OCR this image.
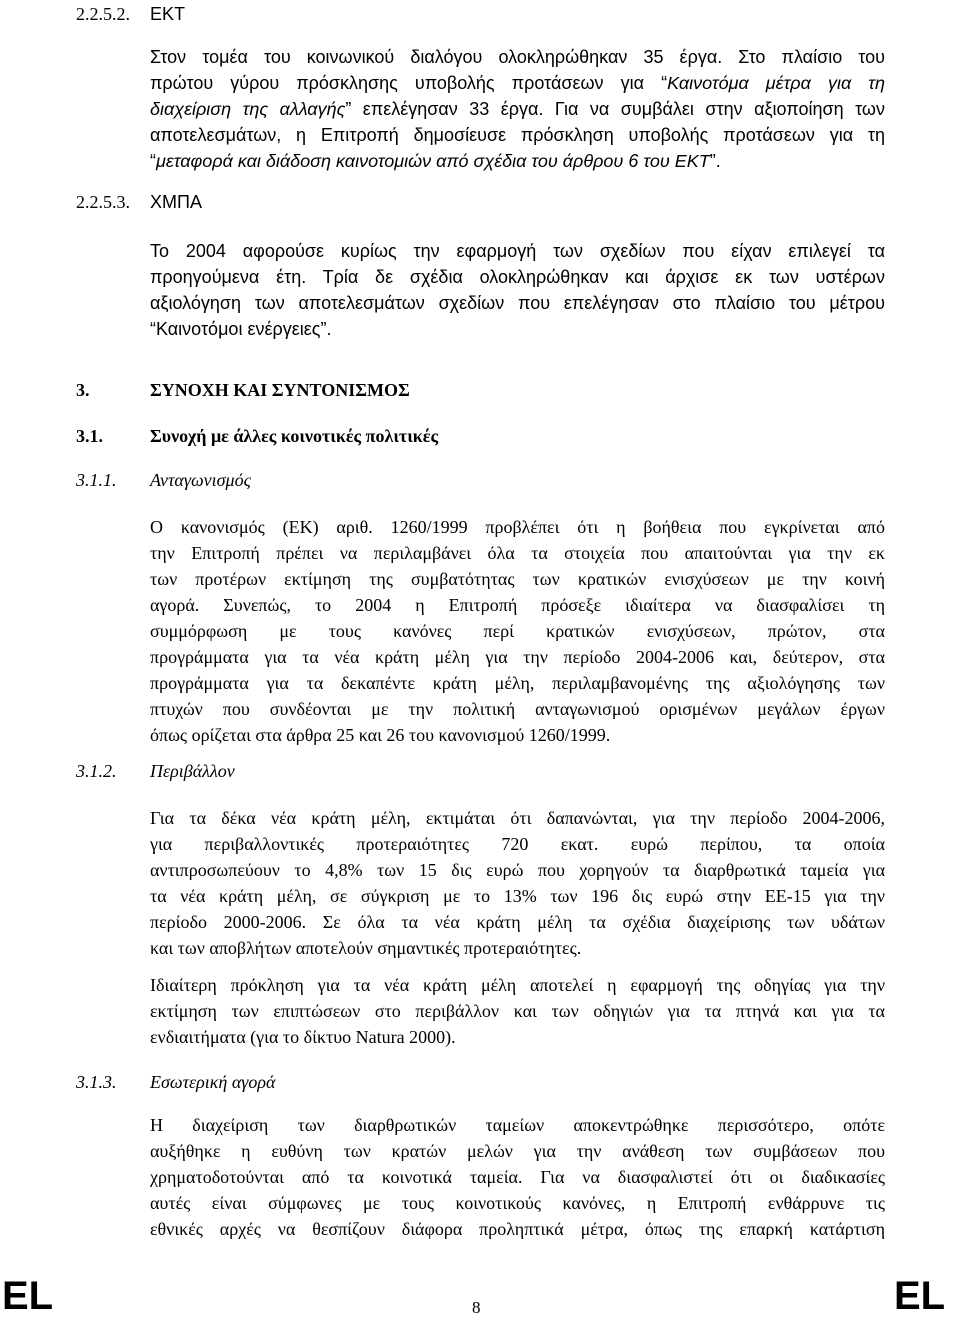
2.2.5.2. ΕΚΤ
Στον τομέα του κοινωνικού διαλόγου ολοκληρώθηκαν 35 έργα. Στο πλαίσιο του
πρώτου γύρου πρόσκλησης υποβολής προτάσεων για “Καινοτόμα μέτρα για τη
διαχείριση της αλλαγής” επελέγησαν 33 έργα. Για να συμβάλει στην αξιοποίηση των
αποτελεσμάτων, η Επιτροπή δημοσίευσε πρόσκληση υποβολής προτάσεων για τη
“μεταφορά και διάδοση καινοτομιών από σχέδια του άρθρου 6 του ΕΚΤ”.
2.2.5.3. ΧΜΠΑ
Το 2004 αφορούσε κυρίως την εφαρμογή των σχεδίων που είχαν επιλεγεί τα
προηγούμενα έτη. Τρία δε σχέδια ολοκληρώθηκαν και άρχισε εκ των υστέρων
αξιολόγηση των αποτελεσμάτων σχεδίων που επελέγησαν στο πλαίσιο του μέτρου
“Καινοτόμοι ενέργειες”.
3.	ΣΥΝΟΧΗ ΚΑΙ ΣΥΝΤΟΝΙΣΜΟΣ
3.1.	Συνοχή με άλλες κοινοτικές πολιτικές
3.1.1. Ανταγωνισμός
Ο κανονισμός (ΕΚ) αριθ. 1260/1999 προβλέπει ότι η βοήθεια που εγκρίνεται από
την Επιτροπή πρέπει να περιλαμβάνει όλα τα στοιχεία που απαιτούνται για την εκ
των προτέρων εκτίμηση της συμβατότητας των κρατικών ενισχύσεων με την κοινή
αγορά. Συνεπώς, το 2004 η Επιτροπή πρόσεξε ιδιαίτερα να διασφαλίσει τη
συμμόρφωση με τους κανόνες περί κρατικών ενισχύσεων, πρώτον, στα
προγράμματα για τα νέα κράτη μέλη για την περίοδο 2004-2006 και, δεύτερον, στα
προγράμματα για τα δεκαπέντε κράτη μέλη, περιλαμβανομένης της αξιολόγησης των
πτυχών που συνδέονται με την πολιτική ανταγωνισμού ορισμένων μεγάλων έργων
όπως ορίζεται στα άρθρα 25 και 26 του κανονισμού 1260/1999.
3.1.2. Περιβάλλον
Για τα δέκα νέα κράτη μέλη, εκτιμάται ότι δαπανώνται, για την περίοδο 2004-2006,
για περιβαλλοντικές προτεραιότητες 720 εκατ. ευρώ περίπου, τα οποία
αντιπροσωπεύουν το 4,8% των 15 δις ευρώ που χορηγούν τα διαρθρωτικά ταμεία για
τα νέα κράτη μέλη, σε σύγκριση με το 13% των 196 δις ευρώ στην ΕΕ-15 για την
περίοδο 2000-2006. Σε όλα τα νέα κράτη μέλη τα σχέδια διαχείρισης των υδάτων
και των αποβλήτων αποτελούν σημαντικές προτεραιότητες.
Ιδιαίτερη πρόκληση για τα νέα κράτη μέλη αποτελεί η εφαρμογή της οδηγίας για την
εκτίμηση των επιπτώσεων στο περιβάλλον και των οδηγιών για τα πτηνά και για τα
ενδιαιτήματα (για το δίκτυο Natura 2000).
3.1.3. Εσωτερική αγορά
Η διαχείριση των διαρθρωτικών ταμείων αποκεντρώθηκε περισσότερο, οπότε
αυξήθηκε η ευθύνη των κρατών μελών για την ανάθεση των συμβάσεων που
χρηματοδοτούνται από τα κοινοτικά ταμεία. Για να διασφαλιστεί ότι οι διαδικασίες
αυτές είναι σύμφωνες με τους κοινοτικούς κανόνες, η Επιτροπή ενθάρρυνε τις
εθνικές αρχές να θεσπίζουν διάφορα προληπτικά μέτρα, όπως της επαρκή κατάρτιση
EL	8	EL
